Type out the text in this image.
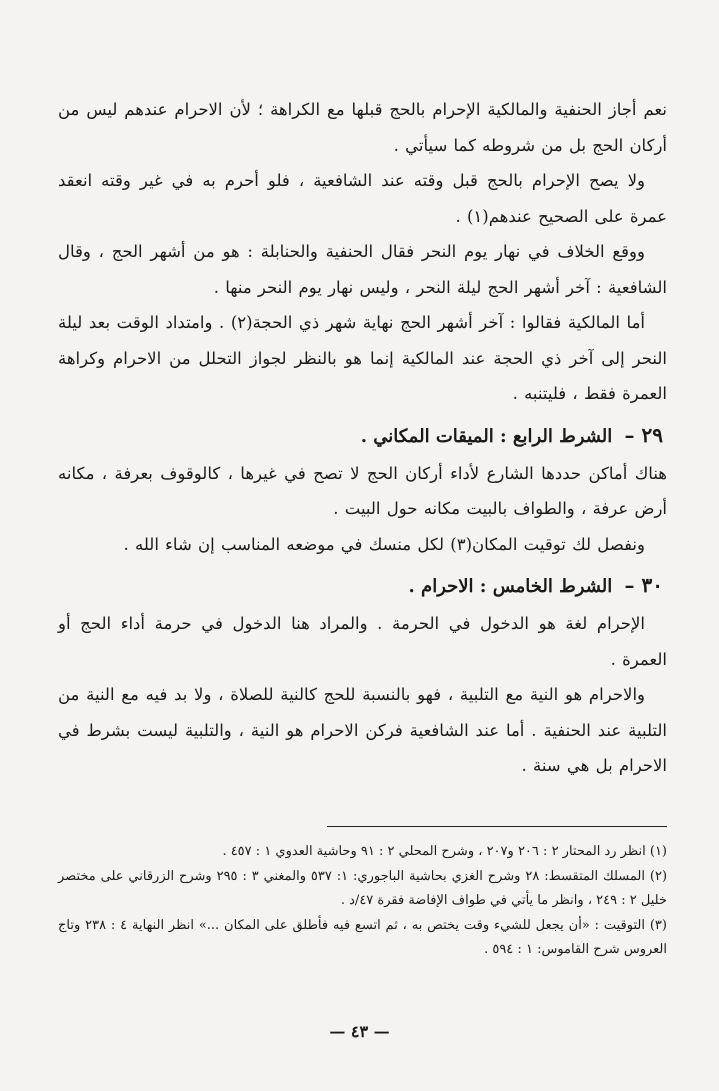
نعم أجاز الحنفية والمالكية الإحرام بالحج قبلها مع الكراهة ؛ لأن الاحرام عندهم ليس من أركان الحج بل من شروطه كما سيأتي .

ولا يصح الإحرام بالحج قبل وقته عند الشافعية ، فلو أحرم به في غير وقته انعقد عمرة على الصحيح عندهم(١) .

ووقع الخلاف في نهار يوم النحر فقال الحنفية والحنابلة : هو من أشهر الحج ، وقال الشافعية : آخر أشهر الحج ليلة النحر ، وليس نهار يوم النحر منها .

أما المالكية فقالوا : آخر أشهر الحج نهاية شهر ذي الحجة(٢) . وامتداد الوقت بعد ليلة النحر إلى آخر ذي الحجة عند المالكية إنما هو بالنظر لجواز التحلل من الاحرام وكراهة العمرة فقط ، فليتنبه .

٢٩ – الشرط الرابع : الميقات المكاني .

هناك أماكن حددها الشارع لأداء أركان الحج لا تصح في غيرها ، كالوقوف بعرفة ، مكانه أرض عرفة ، والطواف بالبيت مكانه حول البيت .

ونفصل لك توقيت المكان(٣) لكل منسك في موضعه المناسب إن شاء الله .

٣٠ – الشرط الخامس : الاحرام .

الإحرام لغة هو الدخول في الحرمة . والمراد هنا الدخول في حرمة أداء الحج أو العمرة .

والاحرام هو النية مع التلبية ، فهو بالنسبة للحج كالنية للصلاة ، ولا بد فيه مع النية من التلبية عند الحنفية . أما عند الشافعية فركن الاحرام هو النية ، والتلبية ليست بشرط في الاحرام بل هي سنة .

(١) انظر رد المحتار ٢ : ٢٠٦ و٢٠٧ ، وشرح المحلي ٢ : ٩١ وحاشية العدوي ١ : ٤٥٧ .

(٢) المسلك المتقسط: ٢٨ وشرح الغزي بحاشية الباجوري: ١: ٥٣٧ والمغني ٣ : ٢٩٥ وشرح الزرقاني على مختصر خليل ٢ : ٢٤٩ ، وانظر ما يأتي في طواف الإفاضة فقرة ٤٧/د .

(٣) التوقيت : «أن يجعل للشيء وقت يختص به ، ثم اتسع فيه فأطلق على المكان ...» انظر النهاية ٤ : ٢٣٨ وتاج العروس شرح القاموس: ١ : ٥٩٤ .

— ٤٣ —
